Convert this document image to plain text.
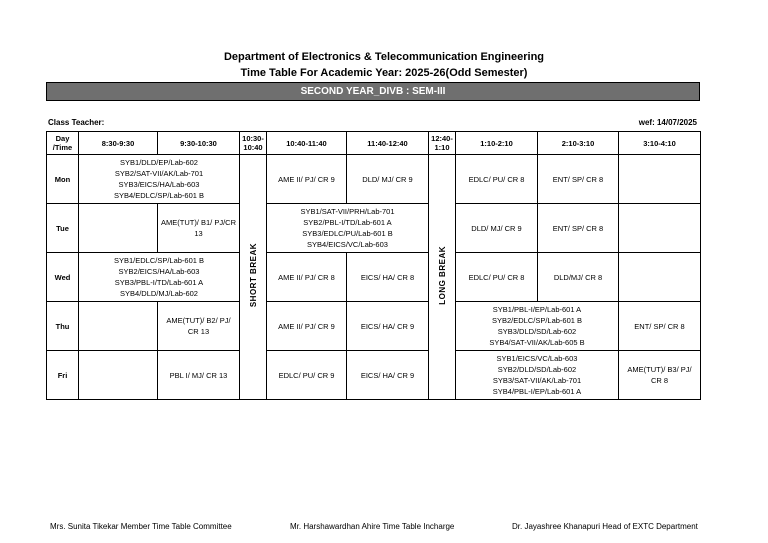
Department of Electronics & Telecommunication Engineering
Time Table For Academic Year: 2025-26(Odd Semester)
SECOND YEAR_DIVB : SEM-III
Class Teacher:	wef: 14/07/2025
Day /Time	8:30-9:30	9:30-10:30	10:30-10:40	10:40-11:40	11:40-12:40	12:40-1:10	1:10-2:10	2:10-3:10	3:10-4:10
Mon	SYB1/DLD/EP/Lab-602
SYB2/SAT-VII/AK/Lab-701
SYB3/EICS/HA/Lab-603
SYB4/EDLC/SP/Lab-601 B		SHORT BREAK	AME II/ PJ/ CR 9	DLD/ MJ/ CR 9	LONG BREAK	EDLC/ PU/ CR 8	ENT/ SP/ CR 8	
Tue		AME(TUT)/ B1/ PJ/CR 13		SYB1/SAT-VII/PRH/Lab-701
SYB2/PBL-I/TD/Lab-601 A
SYB3/EDLC/PU/Lab-601 B
SYB4/EICS/VC/Lab-603			DLD/ MJ/ CR 9	ENT/ SP/ CR 8	
Wed	SYB1/EDLC/SP/Lab-601 B
SYB2/EICS/HA/Lab-603
SYB3/PBL-I/TD/Lab-601 A
SYB4/DLD/MJ/Lab-602			AME II/ PJ/ CR 8	EICS/ HA/ CR 8		EDLC/ PU/ CR 8	DLD/MJ/ CR 8	
Thu		AME(TUT)/ B2/ PJ/ CR 13		AME II/ PJ/ CR 9	EICS/ HA/ CR 9		SYB1/PBL-I/EP/Lab-601 A
SYB2/EDLC/SP/Lab-601 B
SYB3/DLD/SD/Lab-602
SYB4/SAT-VII/AK/Lab-605 B		ENT/ SP/ CR 8
Fri		PBL I/ MJ/ CR 13		EDLC/ PU/ CR 9	EICS/ HA/ CR 9		SYB1/EICS/VC/Lab-603
SYB2/DLD/SD/Lab-602
SYB3/SAT-VII/AK/Lab-701
SYB4/PBL-I/EP/Lab-601 A		AME(TUT)/ B3/ PJ/ CR 8
Mrs. Sunita Tikekar Member Time Table Committee	Mr. Harshawardhan Ahire Time Table Incharge	Dr. Jayashree Khanapuri Head of EXTC Department
